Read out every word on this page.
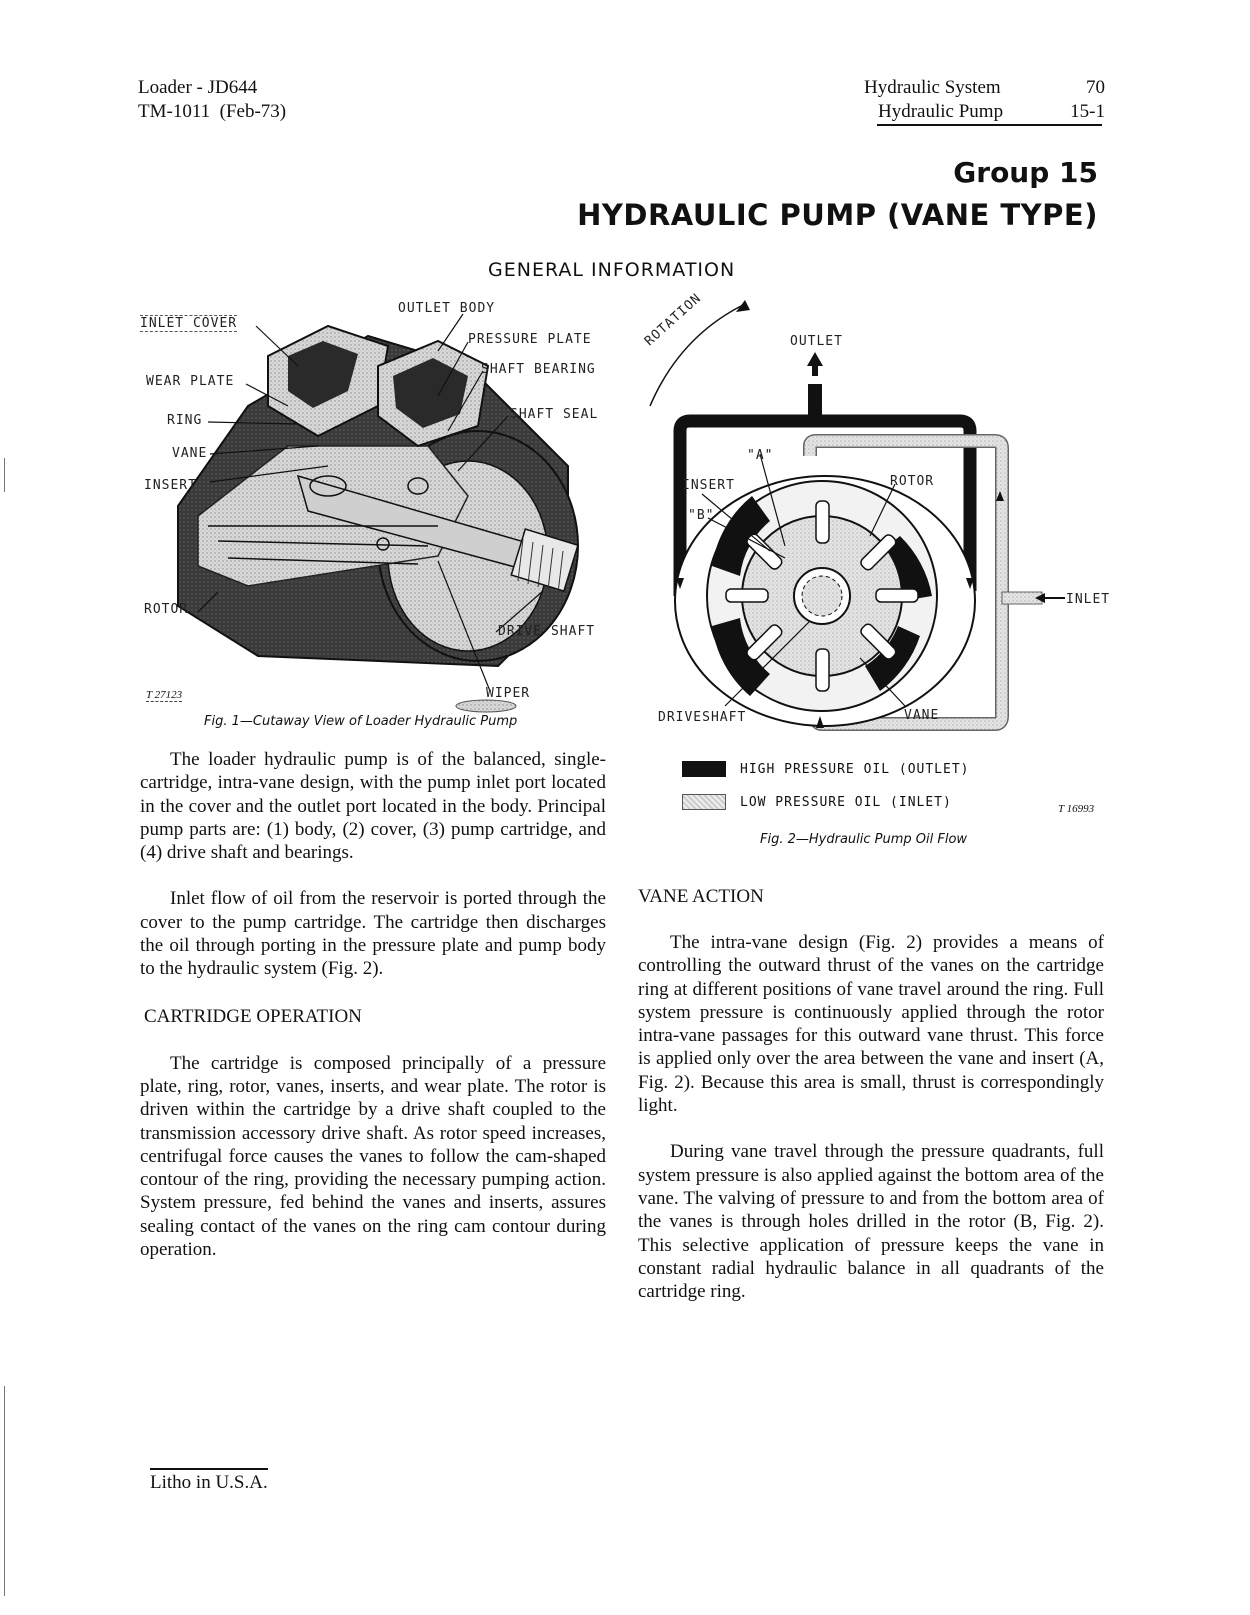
Loader - JD644
TM-1011  (Feb-73)
Hydraulic System	70
Hydraulic Pump	15-1
Group 15
HYDRAULIC PUMP (VANE TYPE)
GENERAL INFORMATION
INLET COVER
OUTLET BODY
PRESSURE PLATE
SHAFT BEARING
WEAR PLATE
SHAFT SEAL
RING
VANE
INSERT
ROTOR
DRIVE SHAFT
WIPER
T 27123
Fig. 1—Cutaway View of Loader Hydraulic Pump
ROTATION	OUTLET
"A"
INSERT
"B"
ROTOR
INLET
DRIVESHAFT	VANE
HIGH PRESSURE OIL (OUTLET)
LOW PRESSURE OIL (INLET)	T 16993
Fig. 2—Hydraulic Pump Oil Flow

The loader hydraulic pump is of the balanced, single-cartridge, intra-vane design, with the pump inlet port located in the cover and the outlet port located in the body. Principal pump parts are: (1) body, (2) cover, (3) pump cartridge, and (4) drive shaft and bearings.

Inlet flow of oil from the reservoir is ported through the cover to the pump cartridge. The cartridge then discharges the oil through porting in the pressure plate and pump body to the hydraulic system (Fig. 2).

CARTRIDGE OPERATION

The cartridge is composed principally of a pressure plate, ring, rotor, vanes, inserts, and wear plate. The rotor is driven within the cartridge by a drive shaft coupled to the transmission accessory drive shaft. As rotor speed increases, centrifugal force causes the vanes to follow the cam-shaped contour of the ring, providing the necessary pumping action. System pressure, fed behind the vanes and inserts, assures sealing contact of the vanes on the ring cam contour during operation.

VANE ACTION

The intra-vane design (Fig. 2) provides a means of controlling the outward thrust of the vanes on the cartridge ring at different positions of vane travel around the ring. Full system pressure is continuously applied through the rotor intra-vane passages for this outward vane thrust. This force is applied only over the area between the vane and insert (A, Fig. 2). Because this area is small, thrust is correspondingly light.

During vane travel through the pressure quadrants, full system pressure is also applied against the bottom area of the vane. The valving of pressure to and from the bottom area of the vanes is through holes drilled in the rotor (B, Fig. 2). This selective application of pressure keeps the vane in constant radial hydraulic balance in all quadrants of the cartridge ring.

Litho in U.S.A.
